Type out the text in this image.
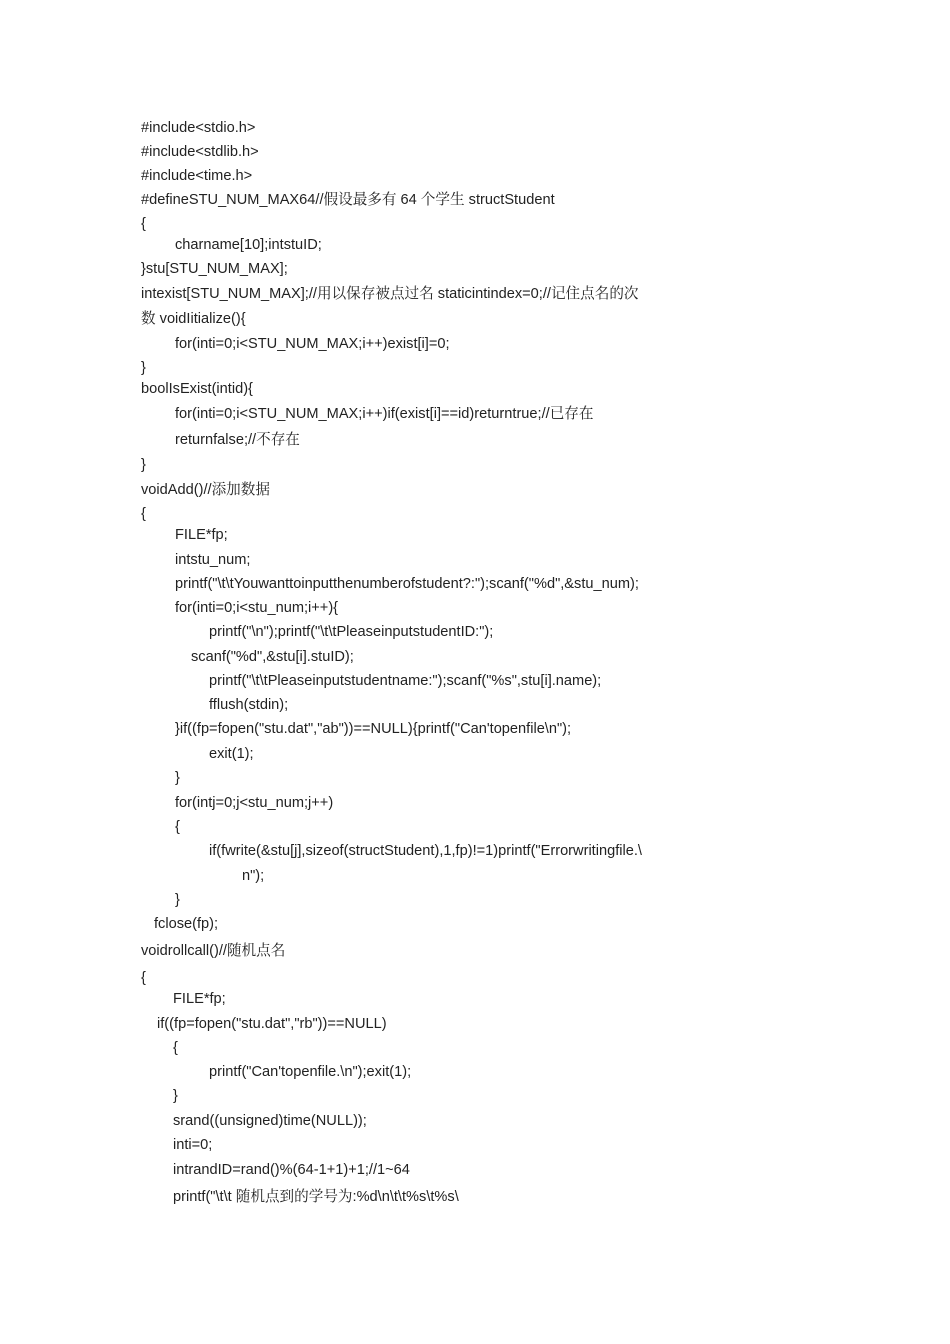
#include<stdio.h>
#include<stdlib.h>
#include<time.h>
#defineSTU_NUM_MAX64//假设最多有 64 个学生 structStudent
{
charname[10];intstuID;
}stu[STU_NUM_MAX];
intexist[STU_NUM_MAX];//用以保存被点过名 staticintindex=0;//记住点名的次
数 voidIitialize(){
for(inti=0;i<STU_NUM_MAX;i++)exist[i]=0;
}
boolIsExist(intid){
for(inti=0;i<STU_NUM_MAX;i++)if(exist[i]==id)returntrue;//已存在
returnfalse;//不存在
}
voidAdd()//添加数据
{
FILE*fp;
intstu_num;
printf("\t\tYouwanttoinputthenumberofstudent?:");scanf("%d",&stu_num);
for(inti=0;i<stu_num;i++){
printf("\n");printf("\t\tPleaseinputstudentID:");
scanf("%d",&stu[i].stuID);
printf("\t\tPleaseinputstudentname:");scanf("%s",stu[i].name);
fflush(stdin);
}if((fp=fopen("stu.dat","ab"))==NULL){printf("Can'topenfile\n");
exit(1);
}
for(intj=0;j<stu_num;j++)
{
if(fwrite(&stu[j],sizeof(structStudent),1,fp)!=1)printf("Errorwritingfile.\
n");
}
fclose(fp);
voidrollcall()//随机点名
{
FILE*fp;
if((fp=fopen("stu.dat","rb"))==NULL)
{
printf("Can'topenfile.\n");exit(1);
}
srand((unsigned)time(NULL));
inti=0;
intrandID=rand()%(64-1+1)+1;//1~64
printf("\t\t 随机点到的学号为:%d\n\t\t%s\t%s\
